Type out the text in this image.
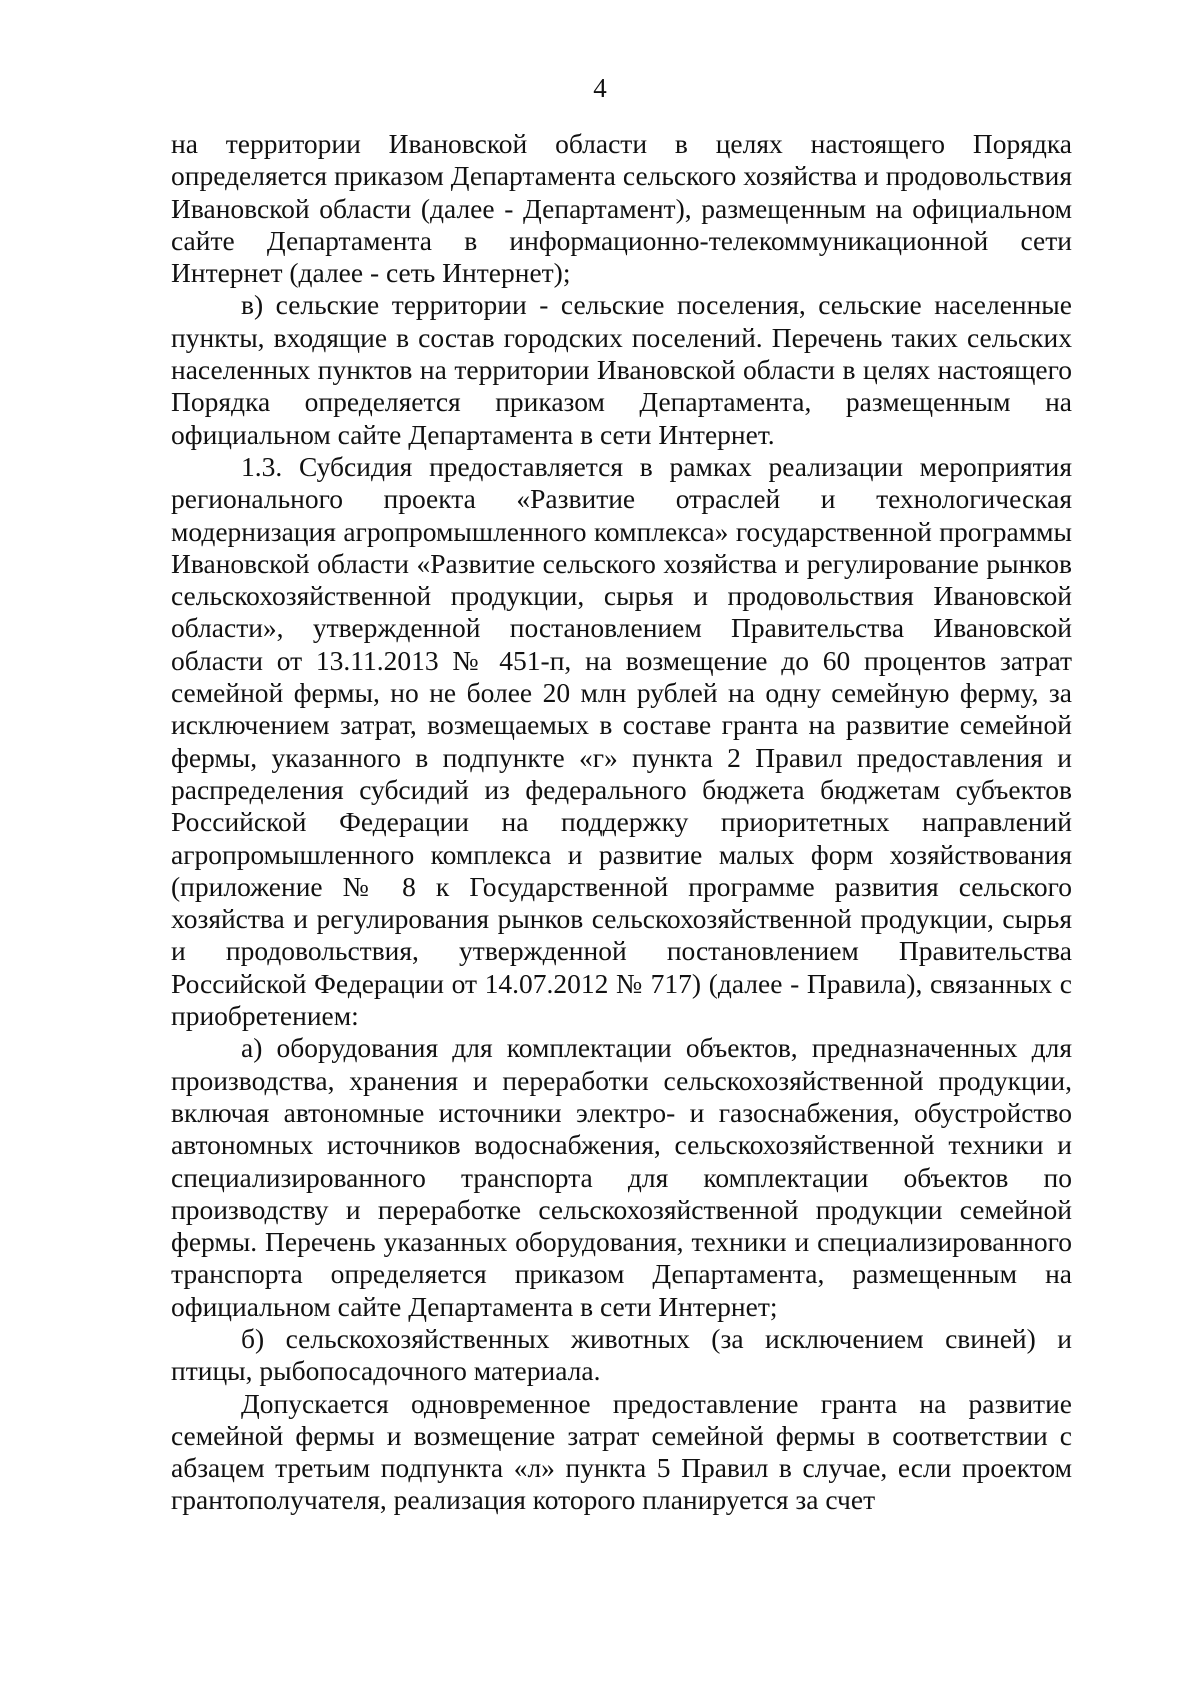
4

на территории Ивановской области в целях настоящего Порядка определяется приказом Департамента сельского хозяйства и продовольствия Ивановской области (далее - Департамент), размещенным на официальном сайте Департамента в информационно-телекоммуникационной сети Интернет (далее - сеть Интернет);

в) сельские территории - сельские поселения, сельские населенные пункты, входящие в состав городских поселений. Перечень таких сельских населенных пунктов на территории Ивановской области в целях настоящего Порядка определяется приказом Департамента, размещенным на официальном сайте Департамента в сети Интернет.

1.3. Субсидия предоставляется в рамках реализации мероприятия регионального проекта «Развитие отраслей и технологическая модернизация агропромышленного комплекса» государственной программы Ивановской области «Развитие сельского хозяйства и регулирование рынков сельскохозяйственной продукции, сырья и продовольствия Ивановской области», утвержденной постановлением Правительства Ивановской области от 13.11.2013 № 451-п, на возмещение до 60 процентов затрат семейной фермы, но не более 20 млн рублей на одну семейную ферму, за исключением затрат, возмещаемых в составе гранта на развитие семейной фермы, указанного в подпункте «г» пункта 2 Правил предоставления и распределения субсидий из федерального бюджета бюджетам субъектов Российской Федерации на поддержку приоритетных направлений агропромышленного комплекса и развитие малых форм хозяйствования (приложение № 8 к Государственной программе развития сельского хозяйства и регулирования рынков сельскохозяйственной продукции, сырья и продовольствия, утвержденной постановлением Правительства Российской Федерации от 14.07.2012 № 717) (далее - Правила), связанных с приобретением:

а) оборудования для комплектации объектов, предназначенных для производства, хранения и переработки сельскохозяйственной продукции, включая автономные источники электро- и газоснабжения, обустройство автономных источников водоснабжения, сельскохозяйственной техники и специализированного транспорта для комплектации объектов по производству и переработке сельскохозяйственной продукции семейной фермы. Перечень указанных оборудования, техники и специализированного транспорта определяется приказом Департамента, размещенным на официальном сайте Департамента в сети Интернет;

б) сельскохозяйственных животных (за исключением свиней) и птицы, рыбопосадочного материала.

Допускается одновременное предоставление гранта на развитие семейной фермы и возмещение затрат семейной фермы в соответствии с абзацем третьим подпункта «л» пункта 5 Правил в случае, если проектом грантополучателя, реализация которого планируется за счет
